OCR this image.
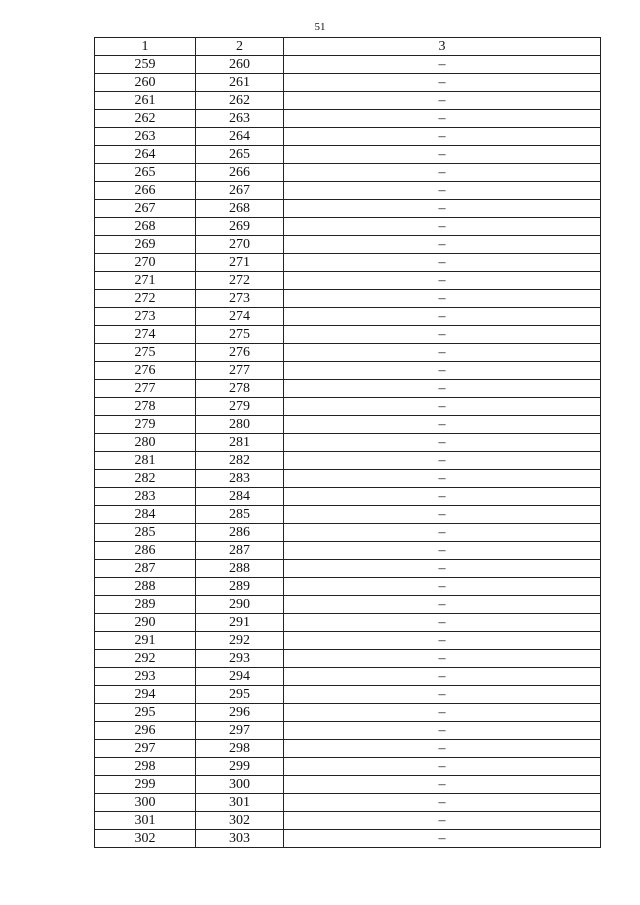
51
1	2	3
259	260	–
260	261	–
261	262	–
262	263	–
263	264	–
264	265	–
265	266	–
266	267	–
267	268	–
268	269	–
269	270	–
270	271	–
271	272	–
272	273	–
273	274	–
274	275	–
275	276	–
276	277	–
277	278	–
278	279	–
279	280	–
280	281	–
281	282	–
282	283	–
283	284	–
284	285	–
285	286	–
286	287	–
287	288	–
288	289	–
289	290	–
290	291	–
291	292	–
292	293	–
293	294	–
294	295	–
295	296	–
296	297	–
297	298	–
298	299	–
299	300	–
300	301	–
301	302	–
302	303	–
